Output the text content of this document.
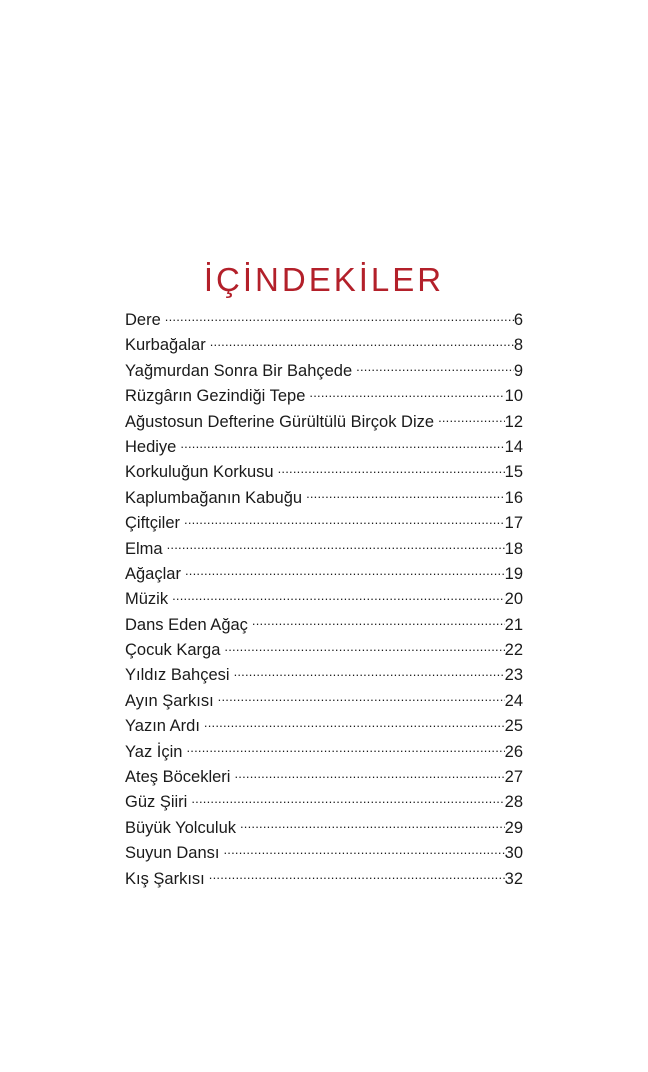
İÇİNDEKİLER
Dere .....	6
Kurbağalar .....	8
Yağmurdan Sonra Bir Bahçede .....	9
Rüzgârın Gezindiği Tepe .....	10
Ağustosun Defterine Gürültülü Birçok Dize .....	12
Hediye .....	14
Korkuluğun Korkusu .....	15
Kaplumbağanın Kabuğu .....	16
Çiftçiler .....	17
Elma .....	18
Ağaçlar .....	19
Müzik .....	20
Dans Eden Ağaç .....	21
Çocuk Karga .....	22
Yıldız Bahçesi .....	23
Ayın Şarkısı .....	24
Yazın Ardı .....	25
Yaz İçin .....	26
Ateş Böcekleri .....	27
Güz Şiiri .....	28
Büyük Yolculuk .....	29
Suyun Dansı .....	30
Kış Şarkısı .....	32
